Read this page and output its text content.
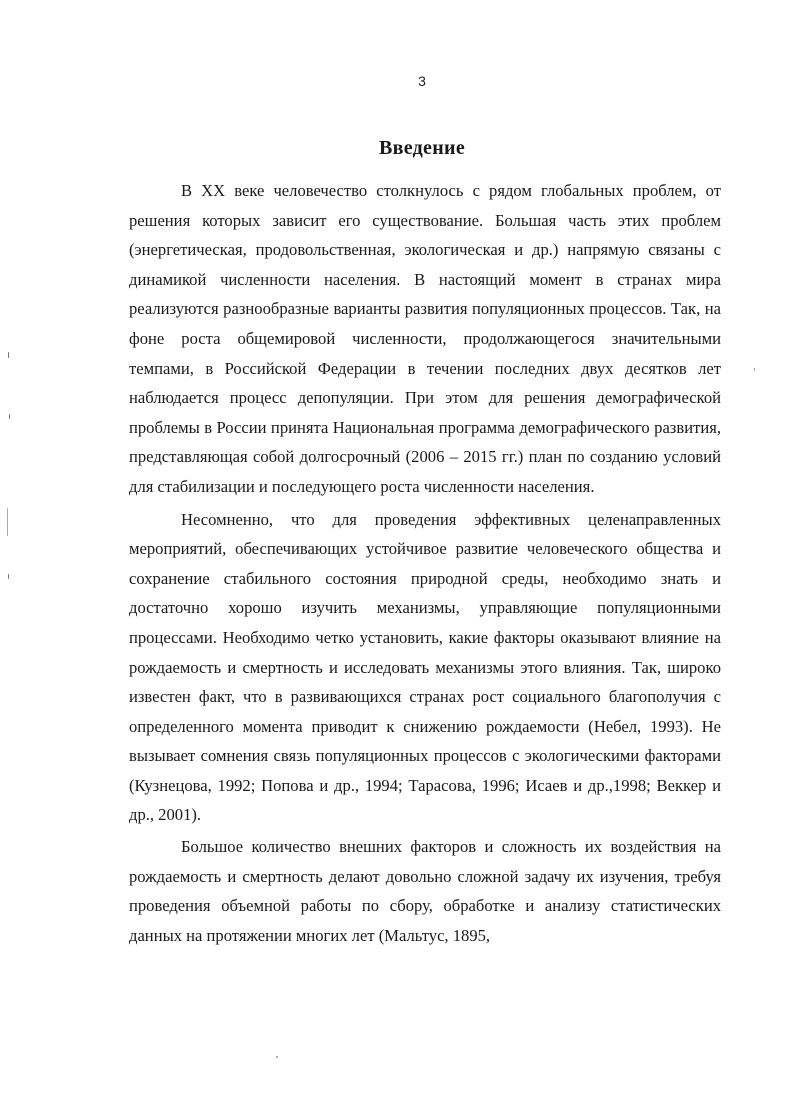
3
Введение

В XX веке человечество столкнулось с рядом глобальных проблем, от решения которых зависит его существование. Большая часть этих проблем (энергетическая, продовольственная, экологическая и др.) напрямую связаны с динамикой численности населения. В настоящий момент в странах мира реализуются разнообразные варианты развития популяционных процессов. Так, на фоне роста общемировой численности, продолжающегося значительными темпами, в Российской Федерации в течении последних двух десятков лет наблюдается процесс депопуляции. При этом для решения демографической проблемы в России принята Национальная программа демографического развития, представляющая собой долгосрочный (2006 – 2015 гг.) план по созданию условий для стабилизации и последующего роста численности населения.

Несомненно, что для проведения эффективных целенаправленных мероприятий, обеспечивающих устойчивое развитие человеческого общества и сохранение стабильного состояния природной среды, необходимо знать и достаточно хорошо изучить механизмы, управляющие популяционными процессами. Необходимо четко установить, какие факторы оказывают влияние на рождаемость и смертность и исследовать механизмы этого влияния. Так, широко известен факт, что в развивающихся странах рост социального благополучия с определенного момента приводит к снижению рождаемости (Небел, 1993). Не вызывает сомнения связь популяционных процессов с экологическими факторами (Кузнецова, 1992; Попова и др., 1994; Тарасова, 1996; Исаев и др.,1998; Веккер и др., 2001).

Большое количество внешних факторов и сложность их воздействия на рождаемость и смертность делают довольно сложной задачу их изучения, требуя проведения объемной работы по сбору, обработке и анализу статистических данных на протяжении многих лет (Мальтус, 1895,
